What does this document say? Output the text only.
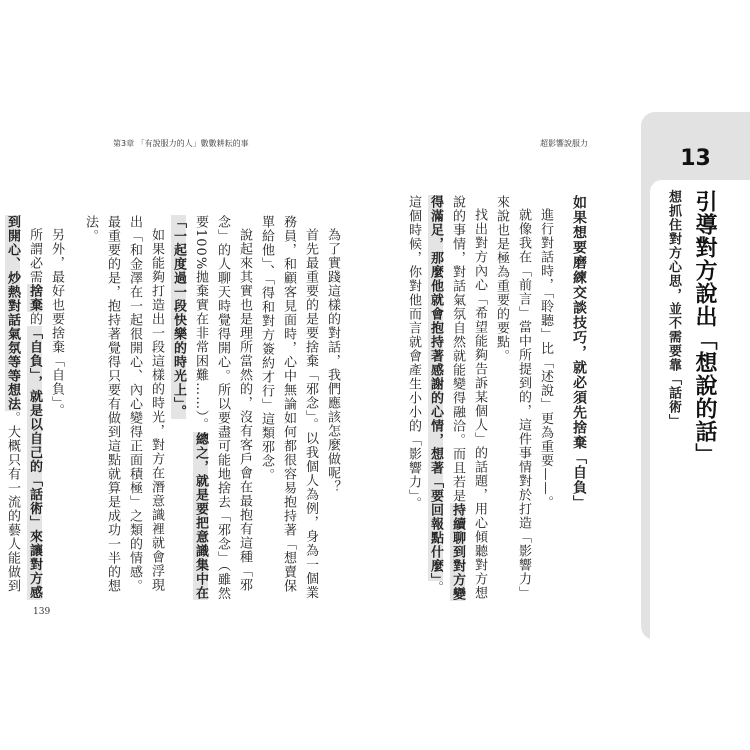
第3章 「有說服力的人」數數耕耘的事	超影響說服力

為了實踐這樣的對話，我們應該怎麼做呢？

首先最重要的是要捨棄「邪念」。以我個人為例，身為一個業務員，和顧客見面時，心中無論如何都很容易抱持著「想賣保單給他」、「得和對方簽約才行」這類邪念。

說起來其實也是理所當然的，沒有客戶會在最抱有這種「邪念」的人聊天時覺得開心。所以要盡可能地捨去「邪念」（雖然要100%拋棄實在非常困難……）。總之，就是要把意識集中在「一起度過一段快樂的時光上」。

如果能夠打造出一段這樣的時光，對方在潛意識裡就會浮現出「和金澤在一起很開心、內心變得正面積極」之類的情感。最重要的是，抱持著覺得只要有做到這點就算是成功一半的想法。

另外，最好也要捨棄「自負」。

所謂必需捨棄的「自負」，就是以自己的「話術」來讓對方感到開心、炒熱對話氣氛等等想法。大概只有一流的藝人能做到

如果想要磨練交談技巧，就必須先捨棄「自負」

進行對話時，「聆聽」比「述說」更為重要——。

就像我在「前言」當中所提到的，這件事情對於打造「影響力」來說也是極為重要的要點。

找出對方內心「希望能夠告訴某個人」的話題，用心傾聽對方想說的事情，對話氣氛自然就能變得融洽。而且若是持續聊到對方變得滿足，那麼他就會抱持著感謝的心情，想著「要回報點什麼」。這個時候，你對他而言就會產生小小的「影響力」。

139
13
引導對方說出「想說的話」
想抓住對方心思，並不需要靠「話術」
